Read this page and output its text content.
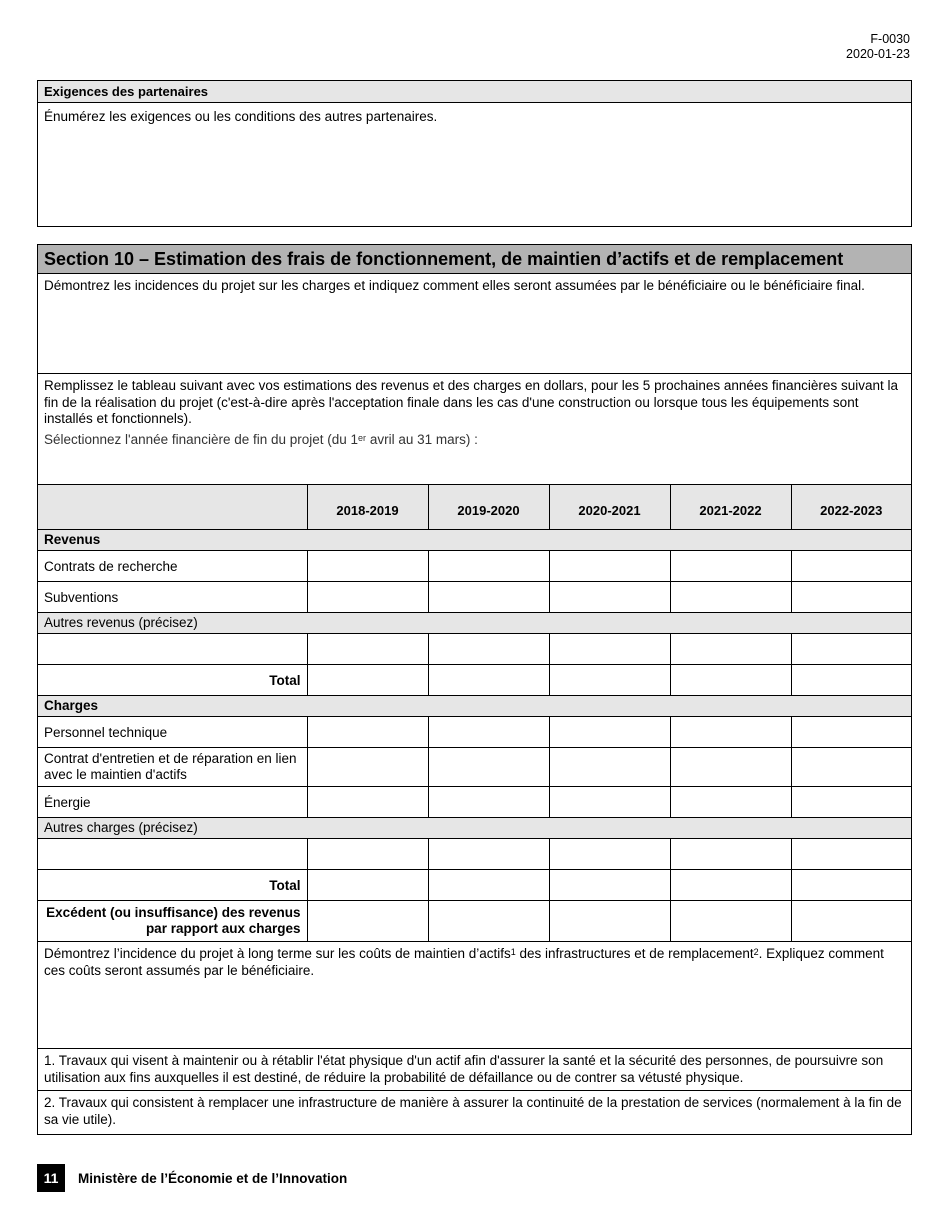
F-0030
2020-01-23
Exigences des partenaires
Énumérez les exigences ou les conditions des autres partenaires.
Section 10 – Estimation des frais de fonctionnement, de maintien d’actifs et de remplacement
Démontrez les incidences du projet sur les charges et indiquez comment elles seront assumées par le bénéficiaire ou le bénéficiaire final.
Remplissez le tableau suivant avec vos estimations des revenus et des charges en dollars, pour les 5 prochaines années financières suivant la fin de la réalisation du projet (c'est-à-dire après l'acceptation finale dans les cas d'une construction ou lorsque tous les équipements sont installés et fonctionnels).
Sélectionnez l'année financière de fin du projet (du 1er avril au 31 mars) :
	2018-2019	2019-2020	2020-2021	2021-2022	2022-2023
Revenus					
Contrats de recherche					
Subventions					
Autres revenus (précisez)					

Total					
Charges					
Personnel technique					
Contrat d'entretien et de réparation en lien avec le maintien d'actifs					
Énergie					
Autres charges (précisez)					

Total					
Excédent (ou insuffisance) des revenus par rapport aux charges					
Démontrez l’incidence du projet à long terme sur les coûts de maintien d’actifs$^1$ des infrastructures et de remplacement$^2$. Expliquez comment ces coûts seront assumés par le bénéficiaire.
1. Travaux qui visent à maintenir ou à rétablir l'état physique d'un actif afin d'assurer la santé et la sécurité des personnes, de poursuivre son utilisation aux fins auxquelles il est destiné, de réduire la probabilité de défaillance ou de contrer sa vétusté physique.
2. Travaux qui consistent à remplacer une infrastructure de manière à assurer la continuité de la prestation de services (normalement à la fin de sa vie utile).
11	Ministère de l’Économie et de l’Innovation
